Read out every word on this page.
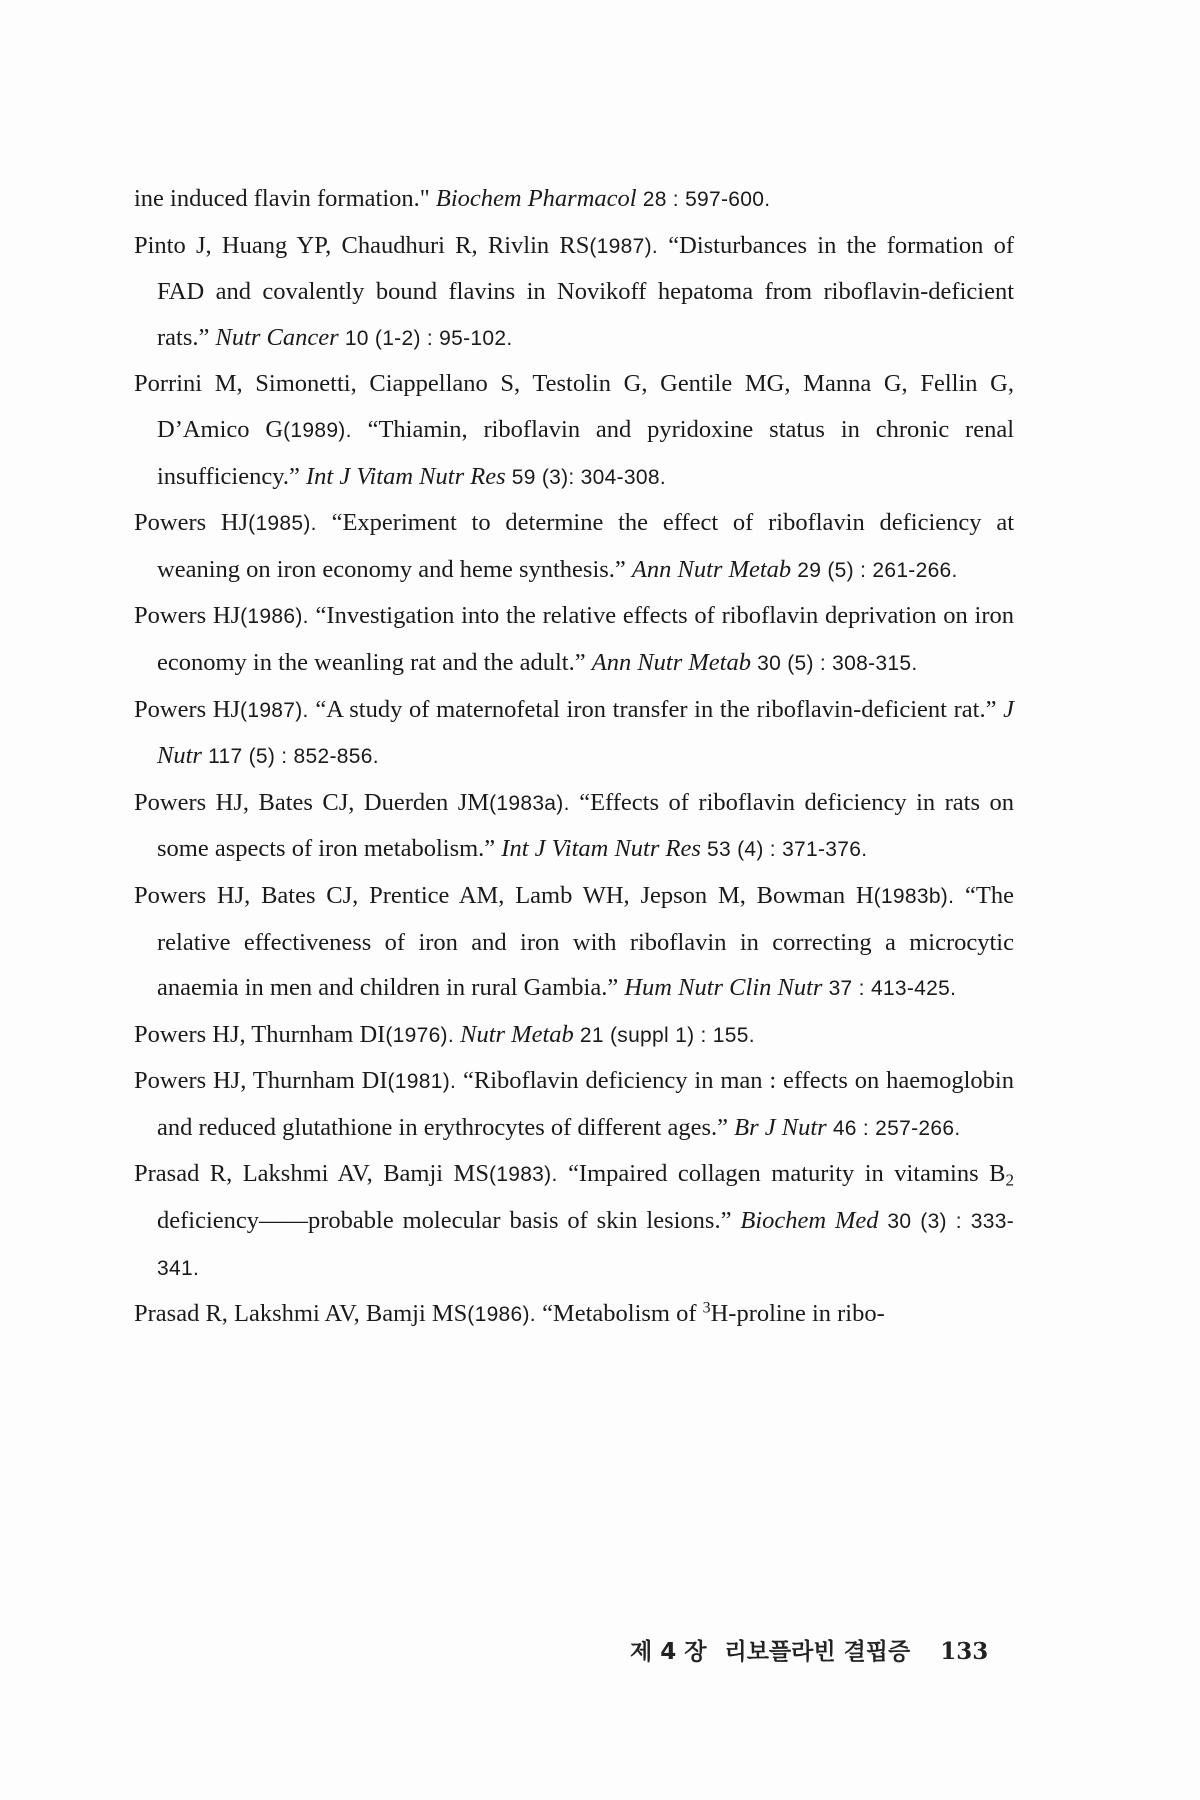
ine induced flavin formation." Biochem Pharmacol 28 : 597-600.

Pinto J, Huang YP, Chaudhuri R, Rivlin RS(1987). “Disturbances in the formation of FAD and covalently bound flavins in Novikoff hepatoma from riboflavin-deficient rats.” Nutr Cancer 10 (1-2) : 95-102.

Porrini M, Simonetti, Ciappellano S, Testolin G, Gentile MG, Manna G, Fellin G, D’Amico G(1989). “Thiamin, riboflavin and pyridoxine status in chronic renal insufficiency.” Int J Vitam Nutr Res 59 (3): 304-308.

Powers HJ(1985). “Experiment to determine the effect of riboflavin deficiency at weaning on iron economy and heme synthesis.” Ann Nutr Metab 29 (5) : 261-266.

Powers HJ(1986). “Investigation into the relative effects of riboflavin deprivation on iron economy in the weanling rat and the adult.” Ann Nutr Metab 30 (5) : 308-315.

Powers HJ(1987). “A study of maternofetal iron transfer in the riboflavin-deficient rat.” J Nutr 117 (5) : 852-856.

Powers HJ, Bates CJ, Duerden JM(1983a). “Effects of riboflavin deficiency in rats on some aspects of iron metabolism.” Int J Vitam Nutr Res 53 (4) : 371-376.

Powers HJ, Bates CJ, Prentice AM, Lamb WH, Jepson M, Bowman H(1983b). “The relative effectiveness of iron and iron with riboflavin in correcting a microcytic anaemia in men and children in rural Gambia.” Hum Nutr Clin Nutr 37 : 413-425.

Powers HJ, Thurnham DI(1976). Nutr Metab 21 (suppl 1) : 155.

Powers HJ, Thurnham DI(1981). “Riboflavin deficiency in man : effects on haemoglobin and reduced glutathione in erythrocytes of different ages.” Br J Nutr 46 : 257-266.

Prasad R, Lakshmi AV, Bamji MS(1983). “Impaired collagen maturity in vitamins $B_2$ deficiency——probable molecular basis of skin lesions.” Biochem Med 30 (3) : 333-341.

Prasad R, Lakshmi AV, Bamji MS(1986). “Metabolism of $^3$H-proline in ribo-

제 4 장 리보플라빈 결핍증 133
